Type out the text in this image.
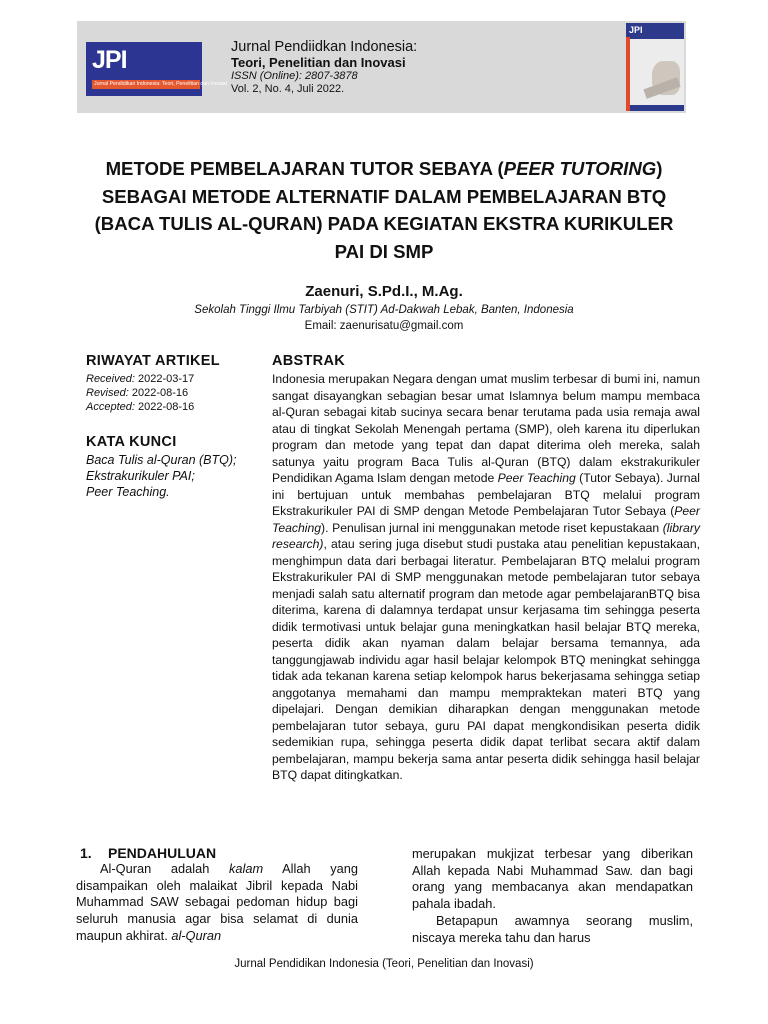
JPI
Jurnal Pendidikan Indonesia: Teori, Penelitian dan Inovasi
Jurnal Pendiidkan Indonesia:
Teori, Penelitian dan Inovasi
ISSN (Online): 2807-3878
Vol. 2, No. 4, Juli 2022.
JPI
METODE PEMBELAJARAN TUTOR SEBAYA (PEER TUTORING) SEBAGAI METODE ALTERNATIF DALAM PEMBELAJARAN BTQ (BACA TULIS AL-QURAN) PADA KEGIATAN EKSTRA KURIKULER PAI DI SMP
Zaenuri, S.Pd.I., M.Ag.
Sekolah Tinggi Ilmu Tarbiyah (STIT) Ad-Dakwah Lebak, Banten, Indonesia
Email: zaenurisatu@gmail.com
RIWAYAT ARTIKEL
Received: 2022-03-17
Revised: 2022-08-16
Accepted: 2022-08-16
KATA KUNCI
Baca Tulis al-Quran (BTQ);
Ekstrakurikuler PAI;
Peer Teaching.
ABSTRAK
Indonesia merupakan Negara dengan umat muslim terbesar di bumi ini, namun sangat disayangkan sebagian besar umat Islamnya belum mampu membaca al-Quran sebagai kitab sucinya secara benar terutama pada usia remaja awal atau di tingkat Sekolah Menengah pertama (SMP), oleh karena itu diperlukan program dan metode yang tepat dan dapat diterima oleh mereka, salah satunya yaitu program Baca Tulis al-Quran (BTQ) dalam ekstrakurikuler Pendidikan Agama Islam dengan metode Peer Teaching (Tutor Sebaya). Jurnal ini bertujuan untuk membahas pembelajaran BTQ melalui program Ekstrakurikuler PAI di SMP dengan Metode Pembelajaran Tutor Sebaya (Peer Teaching). Penulisan jurnal ini menggunakan metode riset kepustakaan (library research), atau sering juga disebut studi pustaka atau penelitian kepustakaan, menghimpun data dari berbagai literatur. Pembelajaran BTQ melalui program Ekstrakurikuler PAI di SMP menggunakan metode pembelajaran tutor sebaya menjadi salah satu alternatif program dan metode agar pembelajaranBTQ bisa diterima, karena di dalamnya terdapat unsur kerjasama tim sehingga peserta didik termotivasi untuk belajar guna meningkatkan hasil belajar BTQ mereka, peserta didik akan nyaman dalam belajar bersama temannya, ada tanggungjawab individu agar hasil belajar kelompok BTQ meningkat sehingga tidak ada tekanan karena setiap kelompok harus bekerjasama sehingga setiap anggotanya memahami dan mampu mempraktekan materi BTQ yang dipelajari. Dengan demikian diharapkan dengan menggunakan metode pembelajaran tutor sebaya, guru PAI dapat mengkondisikan peserta didik sedemikian rupa, sehingga peserta didik dapat terlibat secara aktif dalam pembelajaran, mampu bekerja sama antar peserta didik sehingga hasil belajar BTQ dapat ditingkatkan.
1. PENDAHULUAN
Al-Quran adalah kalam Allah yang disampaikan oleh malaikat Jibril kepada Nabi Muhammad SAW sebagai pedoman hidup bagi seluruh manusia agar bisa selamat di dunia maupun akhirat. al-Quran
merupakan mukjizat terbesar yang diberikan Allah kepada Nabi Muhammad Saw. dan bagi orang yang membacanya akan mendapatkan pahala ibadah.
Betapapun awamnya seorang muslim, niscaya mereka tahu dan harus
Jurnal Pendidikan Indonesia (Teori, Penelitian dan Inovasi)
